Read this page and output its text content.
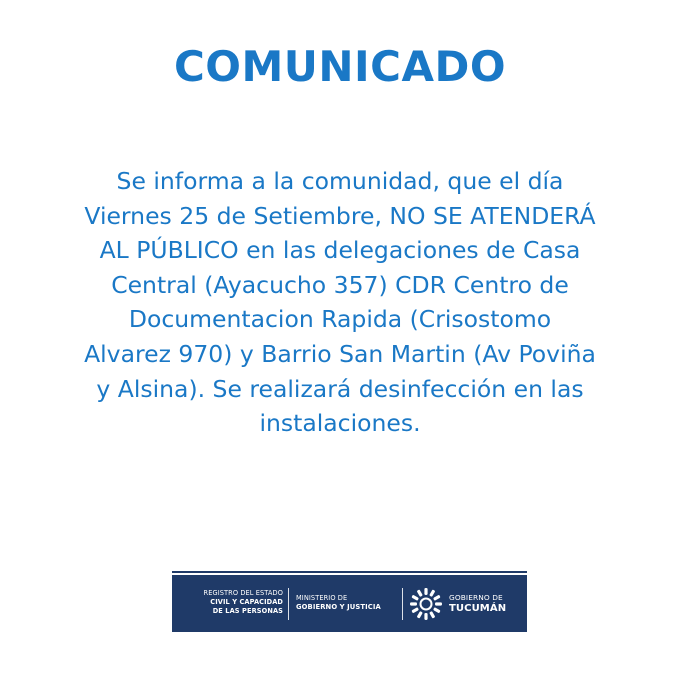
COMUNICADO
Se informa a la comunidad, que el día
Viernes 25 de Setiembre, NO SE ATENDERÁ
AL PÚBLICO en las delegaciones de Casa
Central (Ayacucho 357) CDR Centro de
Documentacion Rapida (Crisostomo
Alvarez 970) y Barrio San Martin (Av Poviña
y Alsina). Se realizará desinfección en las
instalaciones.
REGISTRO DEL ESTADO
CIVIL Y CAPACIDAD
DE LAS PERSONAS
MINISTERIO DE
GOBIERNO Y JUSTICIA
GOBIERNO DE
TUCUMÁN
